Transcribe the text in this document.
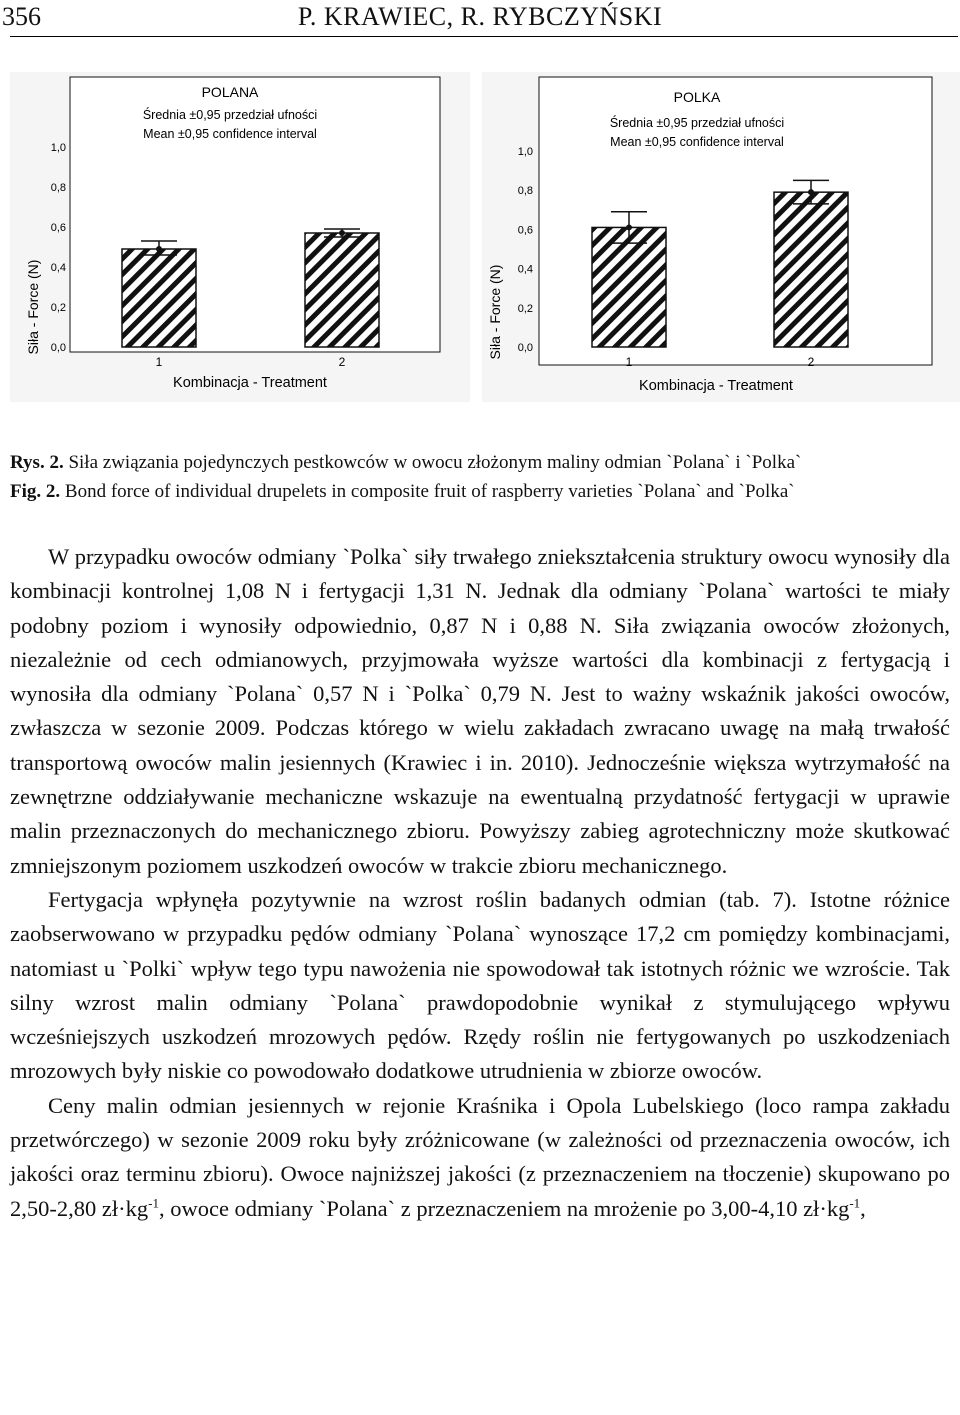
356	P. KRAWIEC, R. RYBCZYŃSKI
POLANA
Średnia ±0,95 przedział ufności
Mean ±0,95 confidence interval
0,0
0,2
0,4
0,6
0,8
1,0
1	2
Kombinacja - Treatment
Siła - Force (N)
POLKA
Średnia ±0,95 przedział ufności
Mean ±0,95 confidence interval
0,0
0,2
0,4
0,6
0,8
1,0
1	2
Kombinacja - Treatment
Siła - Force (N)
Rys. 2. Siła związania pojedynczych pestkowców w owocu złożonym maliny odmian `Polana` i `Polka`
Fig. 2. Bond force of individual drupelets in composite fruit of raspberry varieties `Polana` and `Polka`

W przypadku owoców odmiany `Polka` siły trwałego zniekształcenia struktury owocu wynosiły dla kombinacji kontrolnej 1,08 N i fertygacji 1,31 N. Jednak dla odmiany `Polana` wartości te miały podobny poziom i wynosiły odpowiednio, 0,87 N i 0,88 N. Siła związania owoców złożonych, niezależnie od cech odmianowych, przyjmowała wyższe wartości dla kombinacji z fertygacją i wynosiła dla odmiany `Polana` 0,57 N i `Polka` 0,79 N. Jest to ważny wskaźnik jakości owoców, zwłaszcza w sezonie 2009. Podczas którego w wielu zakładach zwracano uwagę na małą trwałość transportową owoców malin jesiennych (Krawiec i in. 2010). Jednocześnie większa wytrzymałość na zewnętrzne oddziaływanie mechaniczne wskazuje na ewentualną przydatność fertygacji w uprawie malin przeznaczonych do mechanicznego zbioru. Powyższy zabieg agrotechniczny może skutkować zmniejszonym poziomem uszkodzeń owoców w trakcie zbioru mechanicznego.

Fertygacja wpłynęła pozytywnie na wzrost roślin badanych odmian (tab. 7). Istotne różnice zaobserwowano w przypadku pędów odmiany `Polana` wynoszące 17,2 cm pomiędzy kombinacjami, natomiast u `Polki` wpływ tego typu nawożenia nie spowodował tak istotnych różnic we wzroście. Tak silny wzrost malin odmiany `Polana` prawdopodobnie wynikał z stymulującego wpływu wcześniejszych uszkodzeń mrozowych pędów. Rzędy roślin nie fertygowanych po uszkodzeniach mrozowych były niskie co powodowało dodatkowe utrudnienia w zbiorze owoców.

Ceny malin odmian jesiennych w rejonie Kraśnika i Opola Lubelskiego (loco rampa zakładu przetwórczego) w sezonie 2009 roku były zróżnicowane (w zależności od przeznaczenia owoców, ich jakości oraz terminu zbioru). Owoce najniższej jakości (z przeznaczeniem na tłoczenie) skupowano po 2,50-2,80 $zł\cdot kg^{-1}$, owoce odmiany `Polana` z przeznaczeniem na mrożenie po 3,00-4,10 $zł\cdot kg^{-1}$,
